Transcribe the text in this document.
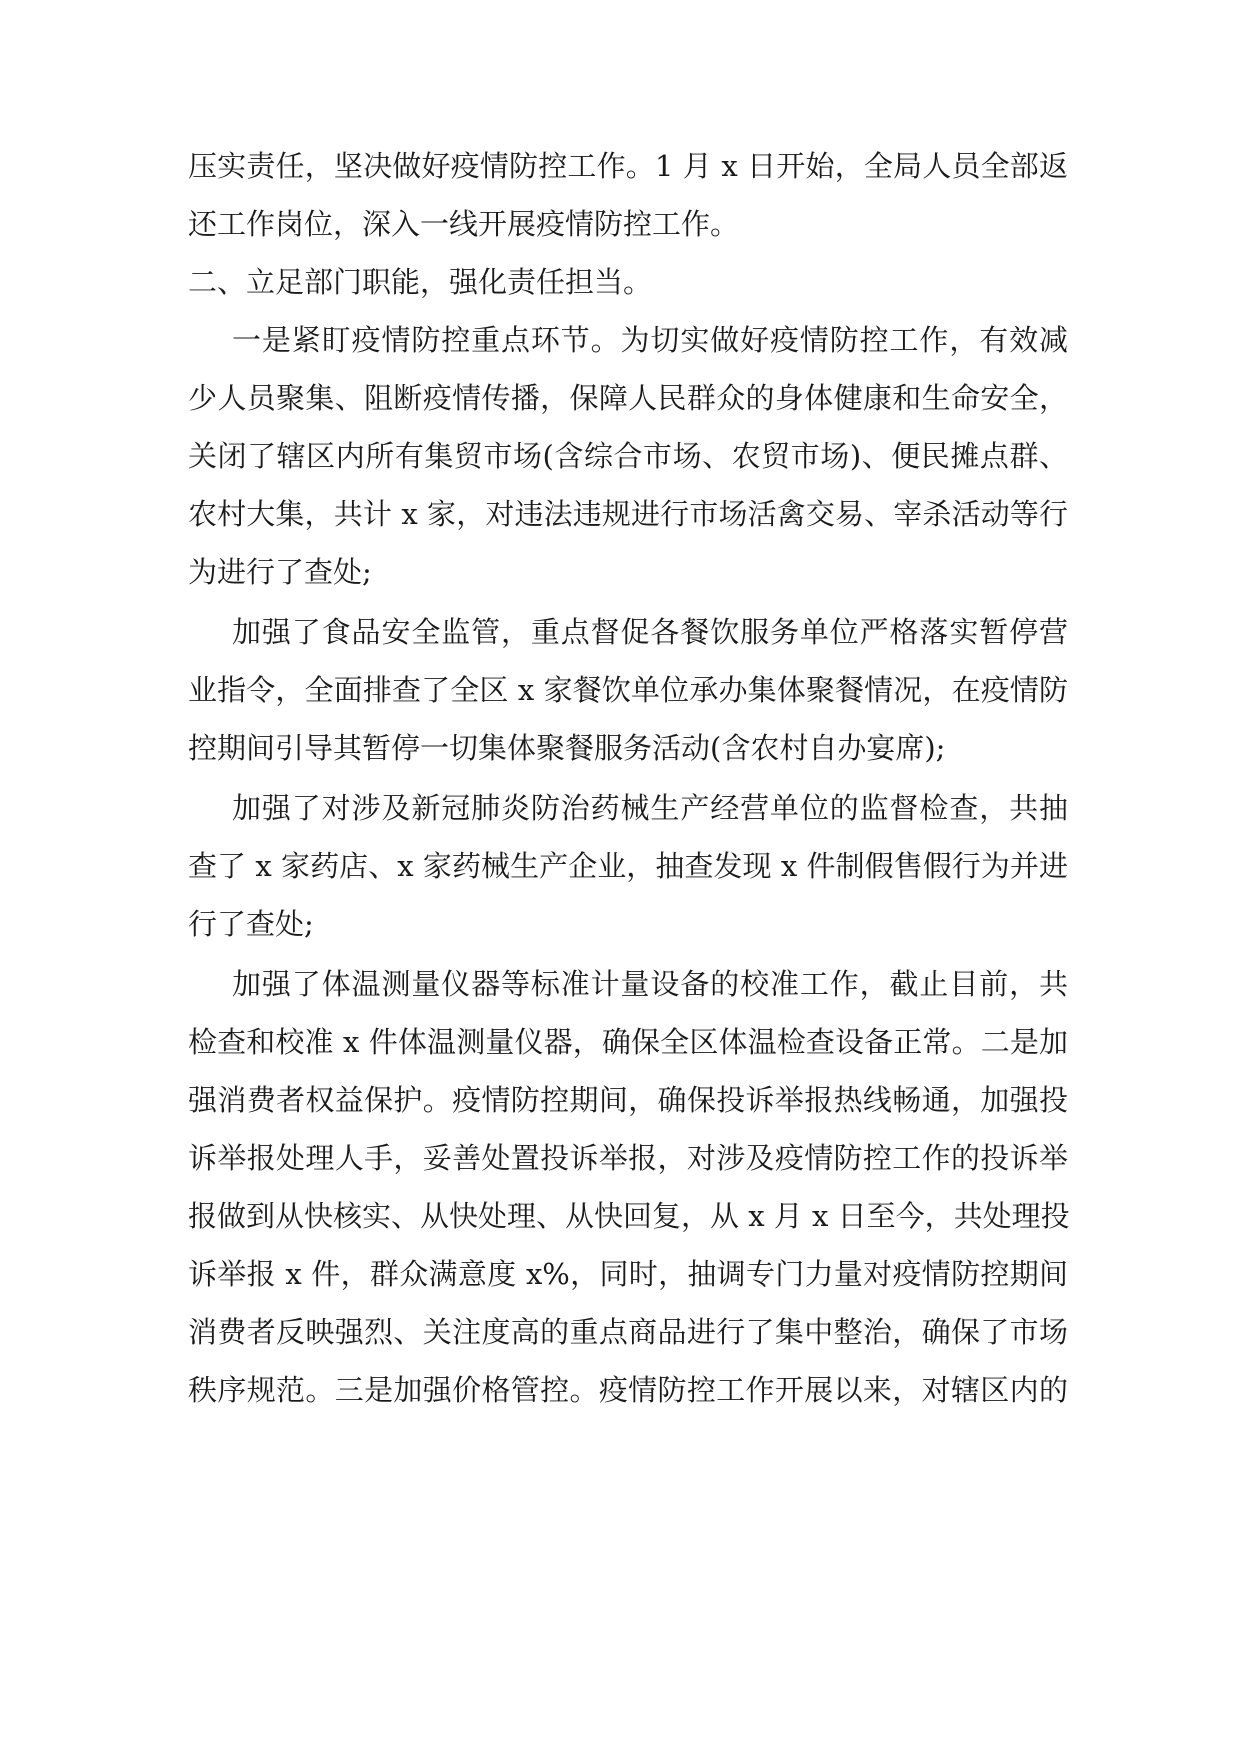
压实责任，坚决做好疫情防控工作。1 月 x 日开始，全局人员全部返
还工作岗位，深入一线开展疫情防控工作。
二、立足部门职能，强化责任担当。
一是紧盯疫情防控重点环节。为切实做好疫情防控工作，有效减
少人员聚集、阻断疫情传播，保障人民群众的身体健康和生命安全，
关闭了辖区内所有集贸市场(含综合市场、农贸市场)、便民摊点群、
农村大集，共计 x 家，对违法违规进行市场活禽交易、宰杀活动等行
为进行了查处;
加强了食品安全监管，重点督促各餐饮服务单位严格落实暂停营
业指令，全面排查了全区 x 家餐饮单位承办集体聚餐情况，在疫情防
控期间引导其暂停一切集体聚餐服务活动(含农村自办宴席);
加强了对涉及新冠肺炎防治药械生产经营单位的监督检查，共抽
查了 x 家药店、x 家药械生产企业，抽查发现 x 件制假售假行为并进
行了查处;
加强了体温测量仪器等标准计量设备的校准工作，截止目前，共
检查和校准 x 件体温测量仪器，确保全区体温检查设备正常。二是加
强消费者权益保护。疫情防控期间，确保投诉举报热线畅通，加强投
诉举报处理人手，妥善处置投诉举报，对涉及疫情防控工作的投诉举
报做到从快核实、从快处理、从快回复，从 x 月 x 日至今，共处理投
诉举报 x 件，群众满意度 x%，同时，抽调专门力量对疫情防控期间
消费者反映强烈、关注度高的重点商品进行了集中整治，确保了市场
秩序规范。三是加强价格管控。疫情防控工作开展以来，对辖区内的
